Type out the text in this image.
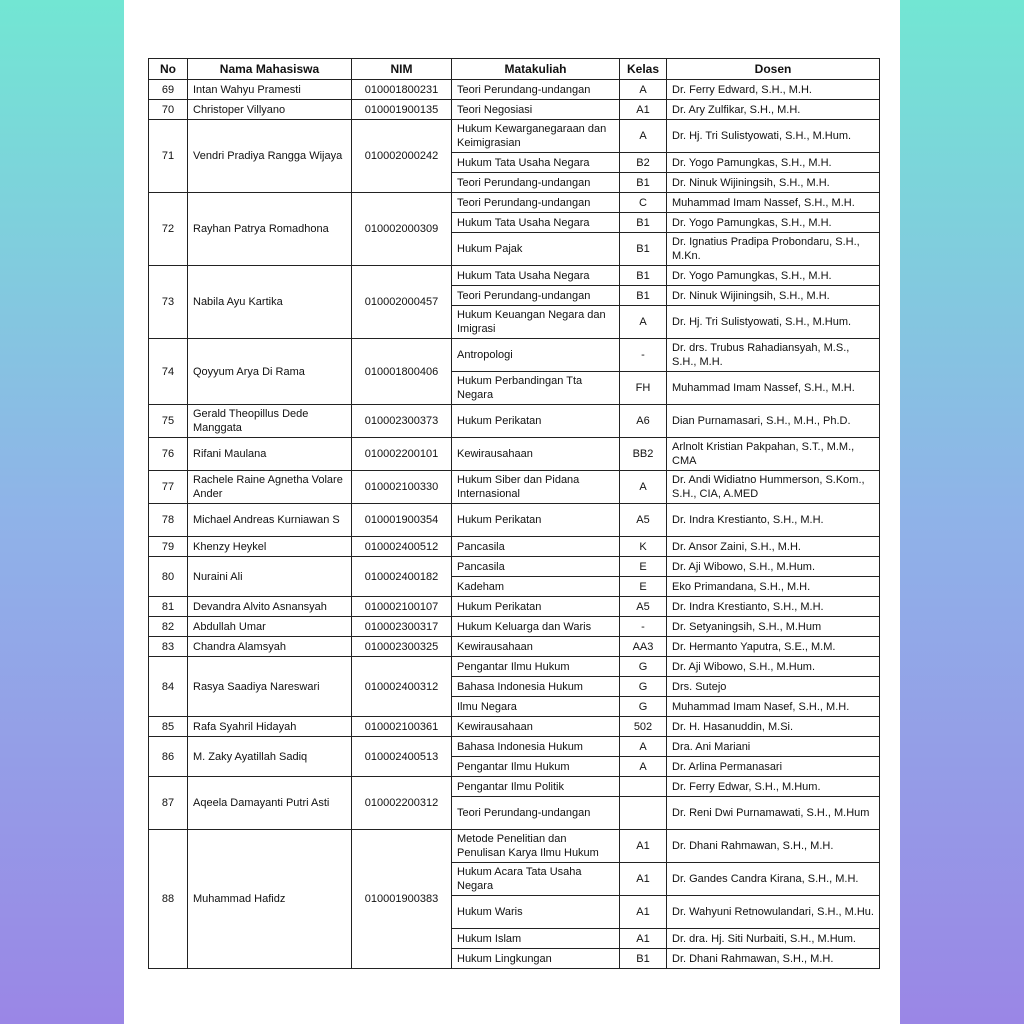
No	Nama Mahasiswa	NIM	Matakuliah	Kelas	Dosen
69	Intan Wahyu Pramesti	010001800231	Teori Perundang-undangan	A	Dr. Ferry Edward, S.H., M.H.
70	Christoper Villyano	010001900135	Teori Negosiasi	A1	Dr. Ary Zulfikar, S.H., M.H.
71	Vendri Pradiya Rangga Wijaya	010002000242	Hukum Kewarganegaraan dan Keimigrasian	A	Dr. Hj. Tri Sulistyowati, S.H., M.Hum.
			Hukum Tata Usaha Negara	B2	Dr. Yogo Pamungkas, S.H., M.H.
			Teori Perundang-undangan	B1	Dr. Ninuk Wijiningsih, S.H., M.H.
72	Rayhan Patrya Romadhona	010002000309	Teori Perundang-undangan	C	Muhammad Imam Nassef, S.H., M.H.
			Hukum Tata Usaha Negara	B1	Dr. Yogo Pamungkas, S.H., M.H.
			Hukum Pajak	B1	Dr. Ignatius Pradipa Probondaru, S.H., M.Kn.
73	Nabila Ayu Kartika	010002000457	Hukum Tata Usaha Negara	B1	Dr. Yogo Pamungkas, S.H., M.H.
			Teori Perundang-undangan	B1	Dr. Ninuk Wijiningsih, S.H., M.H.
			Hukum Keuangan Negara dan Imigrasi	A	Dr. Hj. Tri Sulistyowati, S.H., M.Hum.
74	Qoyyum Arya Di Rama	010001800406	Antropologi	-	Dr. drs. Trubus Rahadiansyah, M.S., S.H., M.H.
			Hukum Perbandingan Tta Negara	FH	Muhammad Imam Nassef, S.H., M.H.
75	Gerald Theopillus Dede Manggata	010002300373	Hukum Perikatan	A6	Dian Purnamasari, S.H., M.H., Ph.D.
76	Rifani Maulana	010002200101	Kewirausahaan	BB2	Arlnolt Kristian Pakpahan, S.T., M.M., CMA
77	Rachele Raine Agnetha Volare Ander	010002100330	Hukum Siber dan Pidana Internasional	A	Dr. Andi Widiatno Hummerson, S.Kom., S.H., CIA, A.MED
78	Michael Andreas Kurniawan S	010001900354	Hukum Perikatan	A5	Dr. Indra Krestianto, S.H., M.H.
79	Khenzy Heykel	010002400512	Pancasila	K	Dr. Ansor Zaini, S.H., M.H.
80	Nuraini Ali	010002400182	Pancasila	E	Dr. Aji Wibowo, S.H., M.Hum.
			Kadeham	E	Eko Primandana, S.H., M.H.
81	Devandra Alvito Asnansyah	010002100107	Hukum Perikatan	A5	Dr. Indra Krestianto, S.H., M.H.
82	Abdullah Umar	010002300317	Hukum Keluarga dan Waris	-	Dr. Setyaningsih, S.H., M.Hum
83	Chandra Alamsyah	010002300325	Kewirausahaan	AA3	Dr. Hermanto Yaputra, S.E., M.M.
84	Rasya Saadiya Nareswari	010002400312	Pengantar Ilmu Hukum	G	Dr. Aji Wibowo, S.H., M.Hum.
			Bahasa Indonesia Hukum	G	Drs. Sutejo
			Ilmu Negara	G	Muhammad Imam Nasef, S.H., M.H.
85	Rafa Syahril Hidayah	010002100361	Kewirausahaan	502	Dr. H. Hasanuddin, M.Si.
86	M. Zaky Ayatillah Sadiq	010002400513	Bahasa Indonesia Hukum	A	Dra. Ani Mariani
			Pengantar Ilmu Hukum	A	Dr. Arlina Permanasari
87	Aqeela Damayanti Putri Asti	010002200312	Pengantar Ilmu Politik		Dr. Ferry Edwar, S.H., M.Hum.
			Teori Perundang-undangan		Dr. Reni Dwi Purnamawati, S.H., M.Hum
88	Muhammad Hafidz	010001900383	Metode Penelitian dan Penulisan Karya Ilmu Hukum	A1	Dr. Dhani Rahmawan, S.H., M.H.
			Hukum Acara Tata Usaha Negara	A1	Dr. Gandes Candra Kirana, S.H., M.H.
			Hukum Waris	A1	Dr. Wahyuni Retnowulandari, S.H., M.Hu.
			Hukum Islam	A1	Dr. dra. Hj. Siti Nurbaiti, S.H., M.Hum.
			Hukum Lingkungan	B1	Dr. Dhani Rahmawan, S.H., M.H.
